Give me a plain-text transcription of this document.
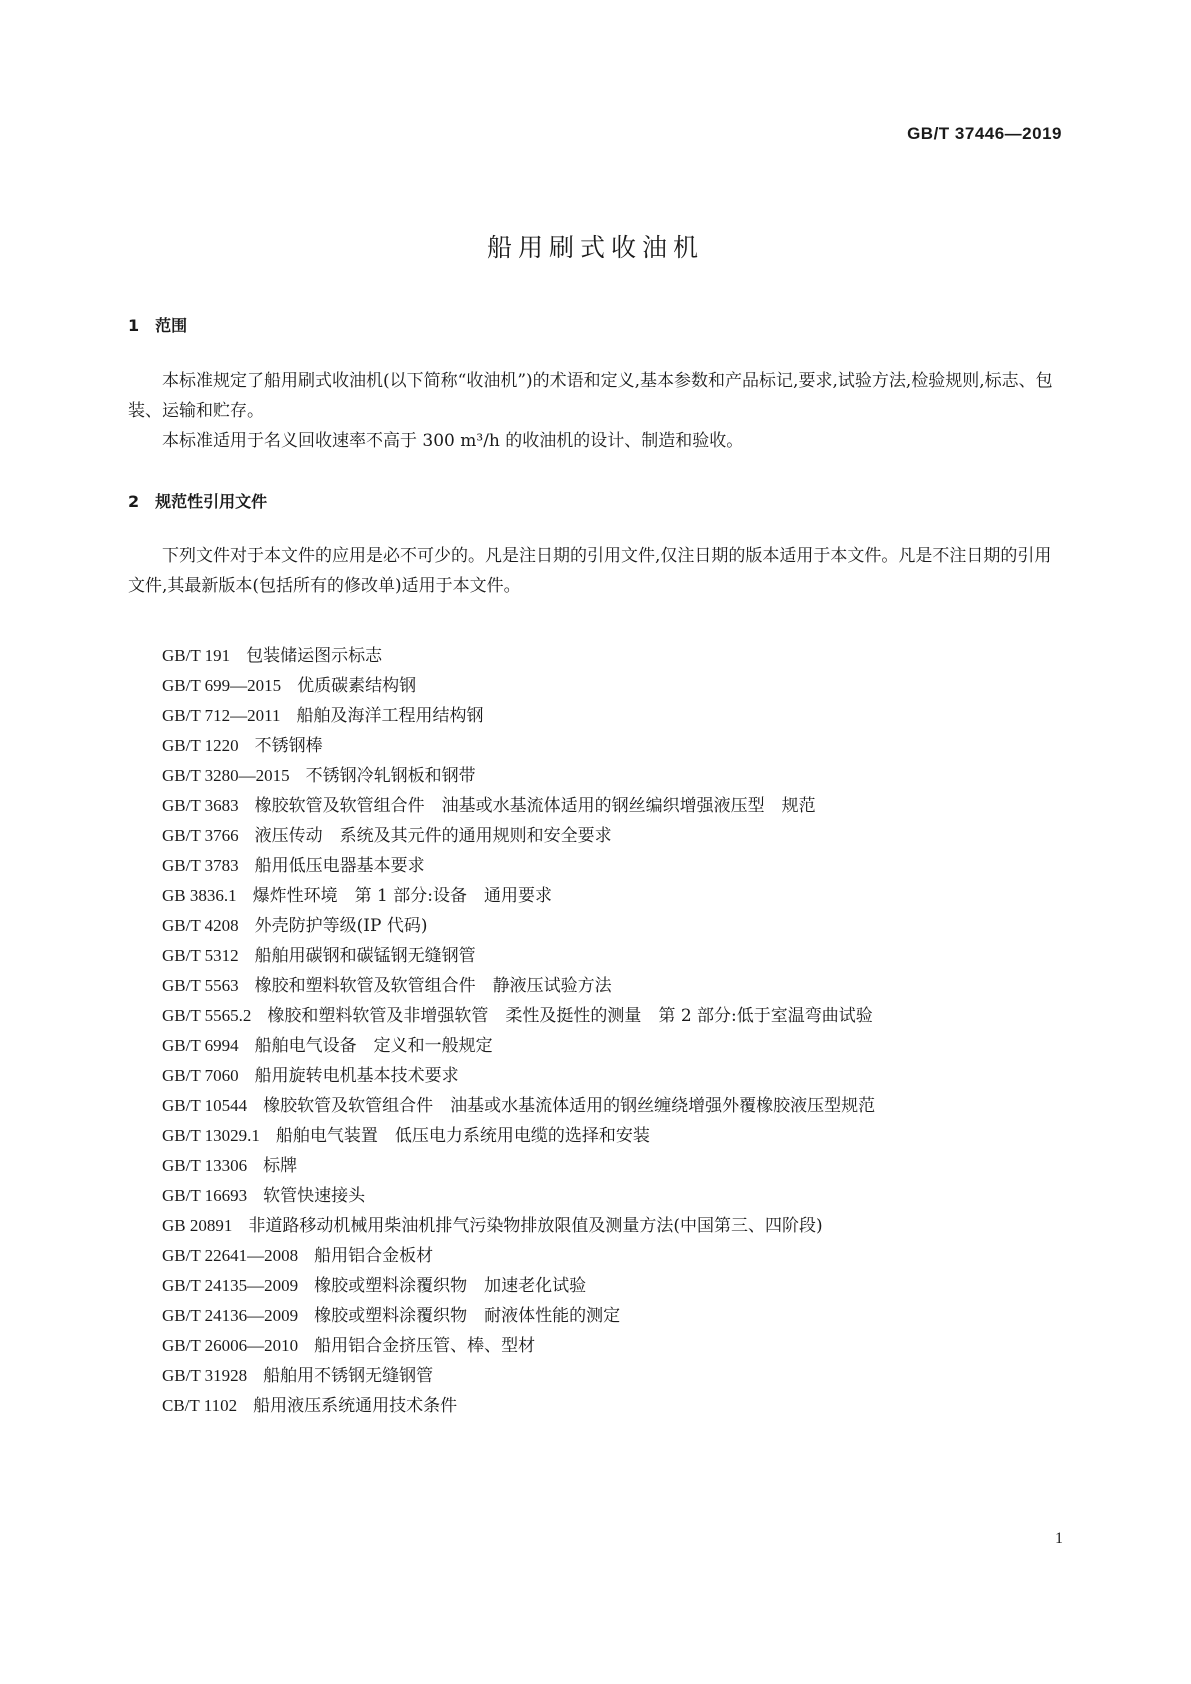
GB/T 37446—2019
船用刷式收油机
1　范围

本标准规定了船用刷式收油机(以下简称“收油机”)的术语和定义,基本参数和产品标记,要求,试验方法,检验规则,标志、包装、运输和贮存。

本标准适用于名义回收速率不高于 300 m³/h 的收油机的设计、制造和验收。

2　规范性引用文件

下列文件对于本文件的应用是必不可少的。凡是注日期的引用文件,仅注日期的版本适用于本文件。凡是不注日期的引用文件,其最新版本(包括所有的修改单)适用于本文件。

GB/T 191 包装储运图示标志
GB/T 699—2015 优质碳素结构钢
GB/T 712—2011 船舶及海洋工程用结构钢
GB/T 1220 不锈钢棒
GB/T 3280—2015 不锈钢冷轧钢板和钢带
GB/T 3683 橡胶软管及软管组合件　油基或水基流体适用的钢丝编织增强液压型　规范
GB/T 3766 液压传动　系统及其元件的通用规则和安全要求
GB/T 3783 船用低压电器基本要求
GB 3836.1 爆炸性环境　第 1 部分:设备　通用要求
GB/T 4208 外壳防护等级(IP 代码)
GB/T 5312 船舶用碳钢和碳锰钢无缝钢管
GB/T 5563 橡胶和塑料软管及软管组合件　静液压试验方法
GB/T 5565.2 橡胶和塑料软管及非增强软管　柔性及挺性的测量　第 2 部分:低于室温弯曲试验
GB/T 6994 船舶电气设备　定义和一般规定
GB/T 7060 船用旋转电机基本技术要求
GB/T 10544 橡胶软管及软管组合件　油基或水基流体适用的钢丝缠绕增强外覆橡胶液压型规范
GB/T 13029.1 船舶电气装置　低压电力系统用电缆的选择和安装
GB/T 13306 标牌
GB/T 16693 软管快速接头
GB 20891 非道路移动机械用柴油机排气污染物排放限值及测量方法(中国第三、四阶段)
GB/T 22641—2008 船用铝合金板材
GB/T 24135—2009 橡胶或塑料涂覆织物　加速老化试验
GB/T 24136—2009 橡胶或塑料涂覆织物　耐液体性能的测定
GB/T 26006—2010 船用铝合金挤压管、棒、型材
GB/T 31928 船舶用不锈钢无缝钢管
CB/T 1102 船用液压系统通用技术条件
1
